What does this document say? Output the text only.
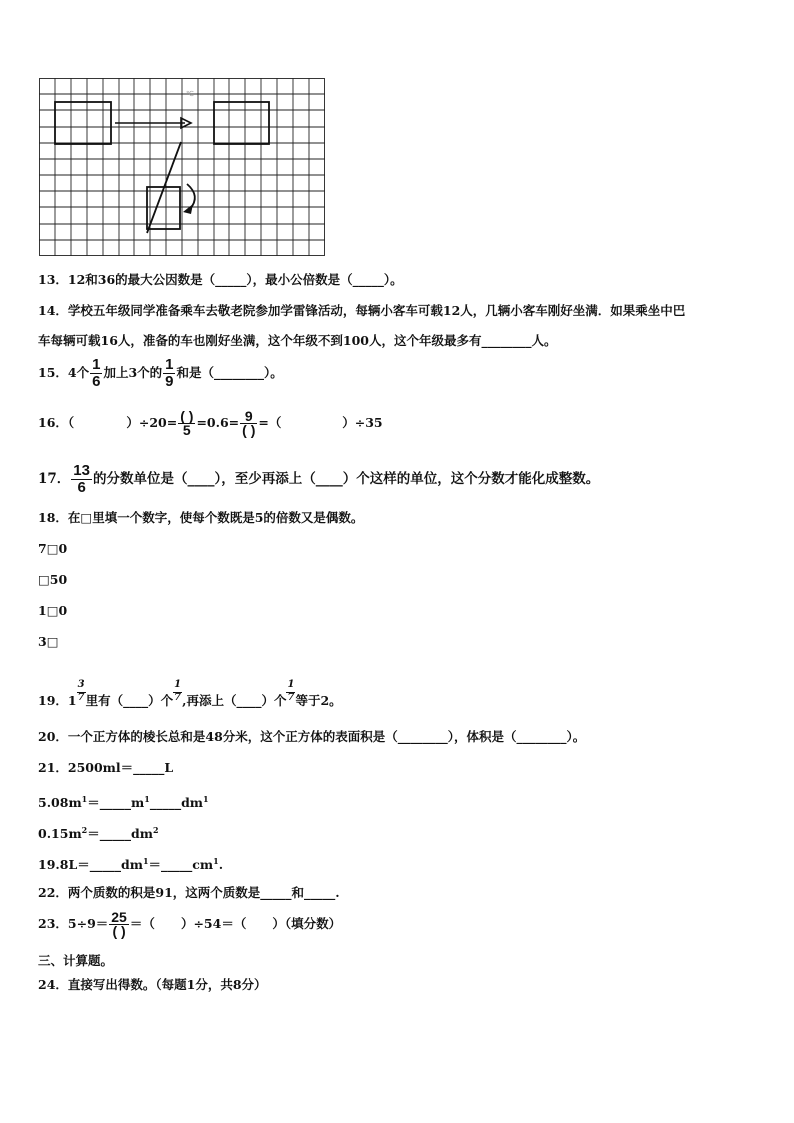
℃
13．12和36的最大公因数是（_____），最小公倍数是（_____）。
14．学校五年级同学准备乘车去敬老院参加学雷锋活动，每辆小客车可载12人，几辆小客车刚好坐满．如果乘坐中巴
车每辆可载16人，准备的车也刚好坐满，这个年级不到100人，这个年级最多有________人。
15．4个 $\frac{1}{6}$ 加上3个的 $\frac{1}{9}$ 和是（________）。
16．（            ）$\div 20= \frac{( )}{5} =0.6= \frac{9}{( )}$ =（              ）÷35
17． $\frac{13}{6}$ 的分数单位是（____），至少再添上（____）个这样的单位，这个分数才能化成整数。
18．在□里填一个数字，使每个数既是5的倍数又是偶数。
7□0
□50
1□0
3□
19．$1\frac{3}{7}$
里有（____）个$\frac{1}{7}$
,再添上（____）个$\frac{1}{7}$
等于2。
20．一个正方体的棱长总和是48分米，这个正方体的表面积是（________），体积是（________）。
21．2500ml＝_____L
$5.08m^1=\_\_\_\_\_m^1\_\_\_\_\_dm^1$
$0.15m^2=\_\_\_\_\_dm^2$
$19.8L=\_\_\_\_\_dm^1=\_\_\_\_\_cm^1$.
22．两个质数的积是91，这两个质数是_____和_____.
23．$5\div 9= \frac{25}{( )}$ ＝（      ）÷54＝（      ）（填分数）
三、计算题。
24．直接写出得数。（每题1分，共8分）
